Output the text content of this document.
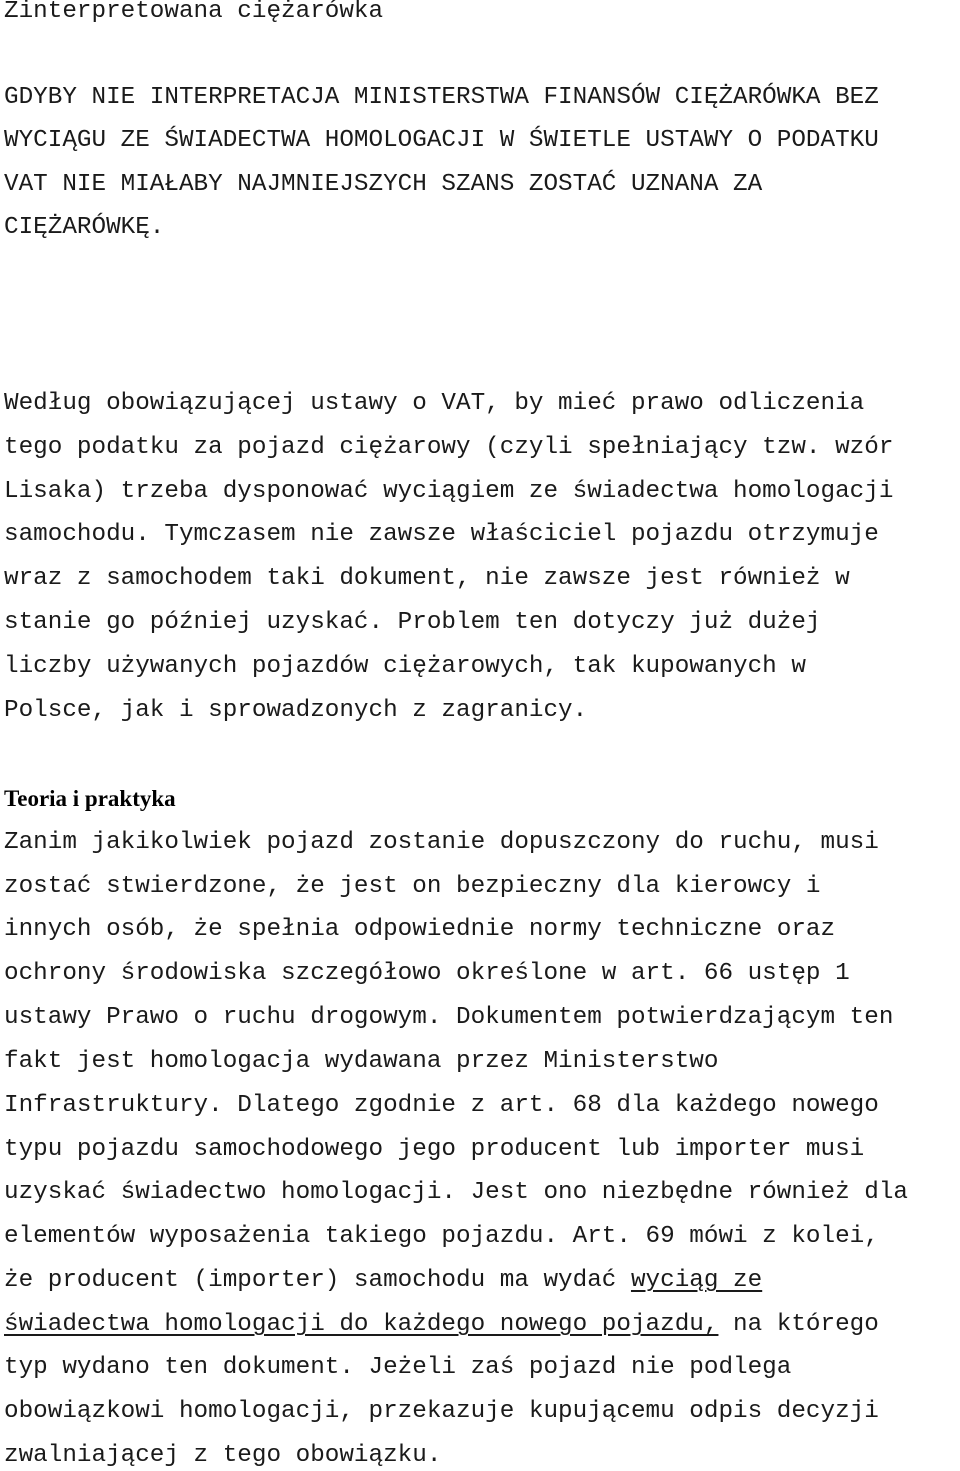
Zinterpretowana ciężarówka

GDYBY NIE INTERPRETACJA MINISTERSTWA FINANSÓW CIĘŻARÓWKA BEZ

WYCIĄGU ZE ŚWIADECTWA HOMOLOGACJI W ŚWIETLE USTAWY O PODATKU

VAT NIE MIAŁABY NAJMNIEJSZYCH SZANS ZOSTAĆ UZNANA ZA

CIĘŻARÓWKĘ.

Według obowiązującej ustawy o VAT, by mieć prawo odliczenia

tego podatku za pojazd ciężarowy (czyli spełniający tzw. wzór

Lisaka) trzeba dysponować wyciągiem ze świadectwa homologacji

samochodu. Tymczasem nie zawsze właściciel pojazdu otrzymuje

wraz z samochodem taki dokument, nie zawsze jest również w

stanie go później uzyskać. Problem ten dotyczy już dużej

liczby używanych pojazdów ciężarowych, tak kupowanych w

Polsce, jak i sprowadzonych z zagranicy.

Teoria i praktyka

Zanim jakikolwiek pojazd zostanie dopuszczony do ruchu, musi

zostać stwierdzone, że jest on bezpieczny dla kierowcy i

innych osób, że spełnia odpowiednie normy techniczne oraz

ochrony środowiska szczegółowo określone w art. 66 ustęp 1

ustawy Prawo o ruchu drogowym. Dokumentem potwierdzającym ten

fakt jest homologacja wydawana przez Ministerstwo

Infrastruktury. Dlatego zgodnie z art. 68 dla każdego nowego

typu pojazdu samochodowego jego producent lub importer musi

uzyskać świadectwo homologacji. Jest ono niezbędne również dla

elementów wyposażenia takiego pojazdu. Art. 69 mówi z kolei,

że producent (importer) samochodu ma wydać wyciąg ze

świadectwa homologacji do każdego nowego pojazdu, na którego

typ wydano ten dokument. Jeżeli zaś pojazd nie podlega

obowiązkowi homologacji, przekazuje kupującemu odpis decyzji

zwalniającej z tego obowiązku.
